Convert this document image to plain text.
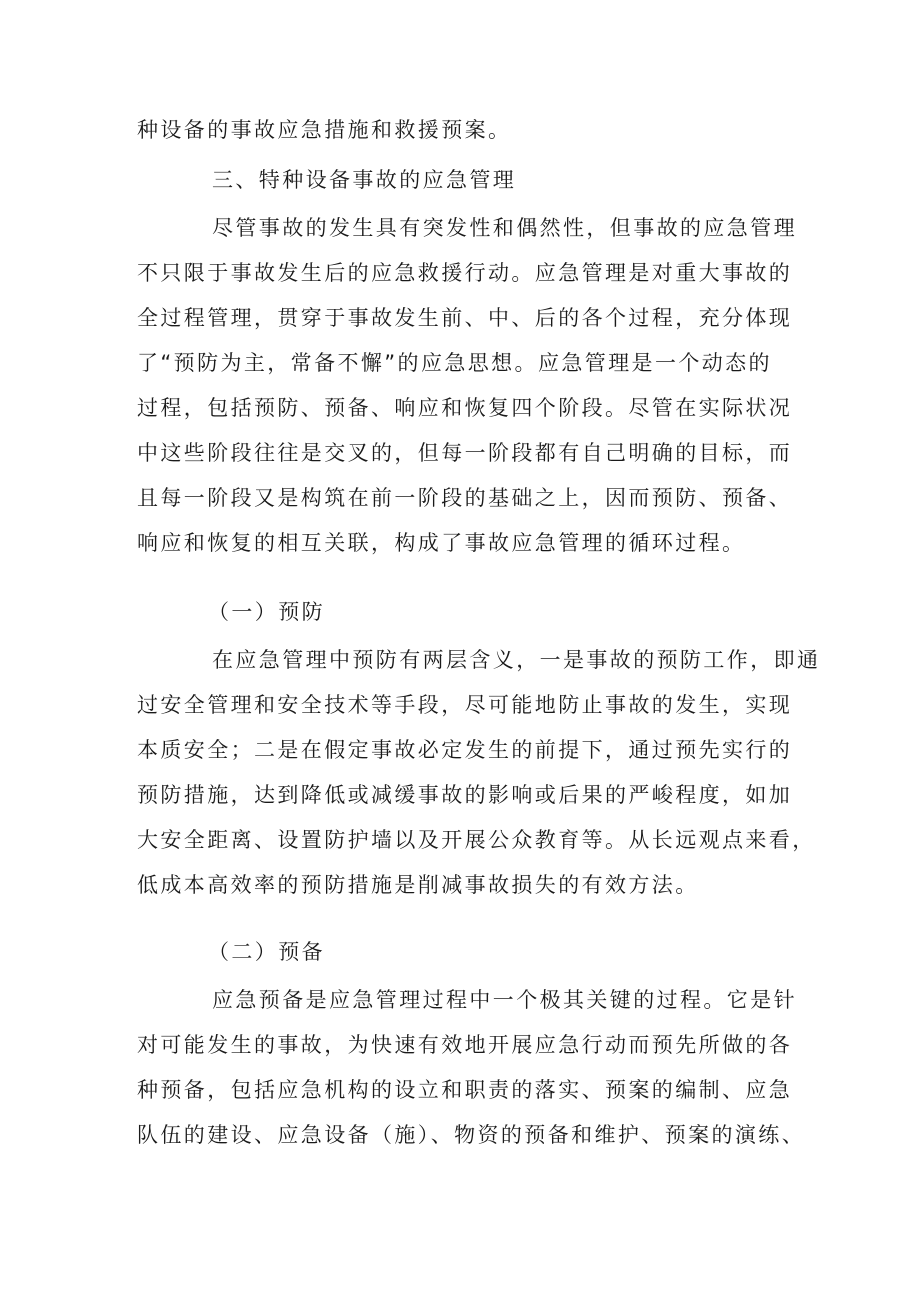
种设备的事故应急措施和救援预案。
三、特种设备事故的应急管理
尽管事故的发生具有突发性和偶然性，但事故的应急管理
不只限于事故发生后的应急救援行动。应急管理是对重大事故的
全过程管理，贯穿于事故发生前、中、后的各个过程，充分体现
了“预防为主，常备不懈”的应急思想。应急管理是一个动态的
过程，包括预防、预备、响应和恢复四个阶段。尽管在实际状况
中这些阶段往往是交叉的，但每一阶段都有自己明确的目标，而
且每一阶段又是构筑在前一阶段的基础之上，因而预防、预备、
响应和恢复的相互关联，构成了事故应急管理的循环过程。
（一）预防
在应急管理中预防有两层含义，一是事故的预防工作，即通
过安全管理和安全技术等手段，尽可能地防止事故的发生，实现
本质安全；二是在假定事故必定发生的前提下，通过预先实行的
预防措施，达到降低或减缓事故的影响或后果的严峻程度，如加
大安全距离、设置防护墙以及开展公众教育等。从长远观点来看，
低成本高效率的预防措施是削减事故损失的有效方法。
（二）预备
应急预备是应急管理过程中一个极其关键的过程。它是针
对可能发生的事故，为快速有效地开展应急行动而预先所做的各
种预备，包括应急机构的设立和职责的落实、预案的编制、应急
队伍的建设、应急设备（施）、物资的预备和维护、预案的演练、
